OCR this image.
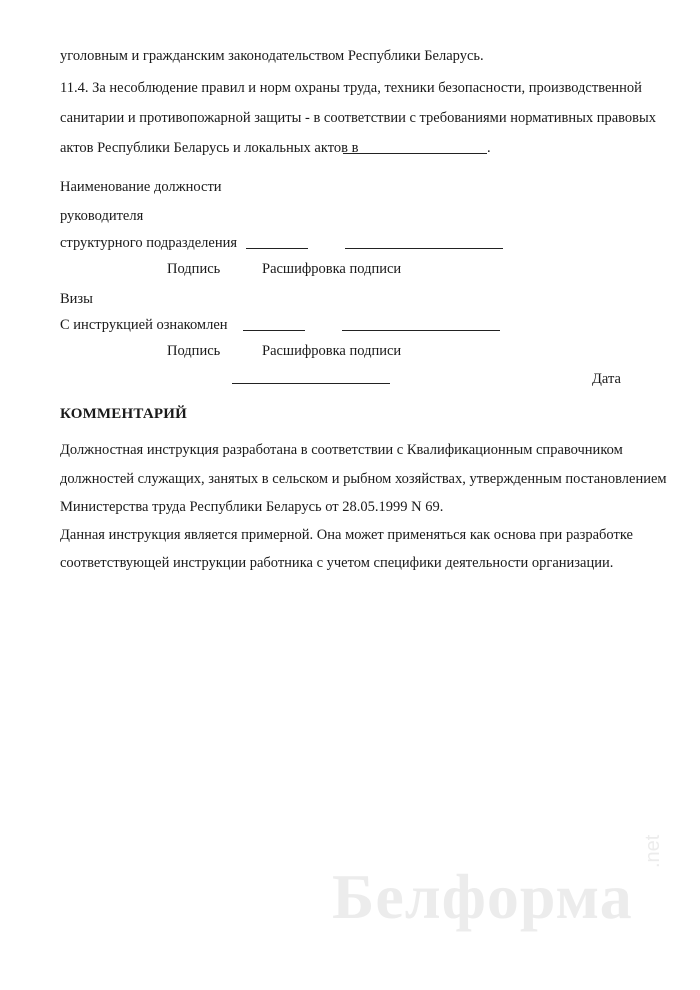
уголовным и гражданским законодательством Республики Беларусь.
11.4. За несоблюдение правил и норм охраны труда, техники безопасности, производственной
санитарии и противопожарной защиты - в соответствии с требованиями нормативных правовых
актов Республики Беларусь и локальных актов в	.
Наименование должности
руководителя
структурного подразделения
Подпись	Расшифровка подписи
Визы
С инструкцией ознакомлен
Подпись	Расшифровка подписи
Дата
КОММЕНТАРИЙ
Должностная инструкция разработана в соответствии с Квалификационным справочником
должностей служащих, занятых в сельском и рыбном хозяйствах, утвержденным постановлением
Министерства труда Республики Беларусь от 28.05.1999 N 69.
Данная инструкция является примерной. Она может применяться как основа при разработке
соответствующей инструкции работника с учетом специфики деятельности организации.
Белформа
.net
